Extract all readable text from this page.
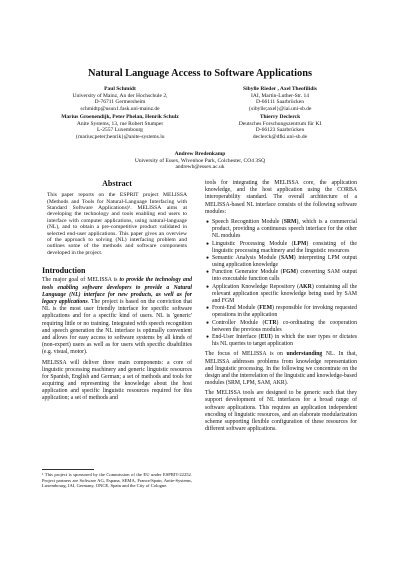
Natural Language Access to Software Applications
Paul Schmidt
University of Mainz, An der Hochschule 2,
D-76711 Germersheim
schmidtp@usun1.fask.uni-mainz.de
Marius Groenendijk, Peter Phelan, Henrik Schulz
Anite Systems, 13, rue Robert Stumper
L-2557 Luxembourg
{marius;peter;henrik}@anite-systems.lu
Sibylle Rieder , Axel Theofilidis
IAI, Martin-Luther-Str. 14
D-66111 Saarbrücken
{sibylle;axel}@iai.uni-sb.de
Thierry Declerck
Deutsches Forschungszentrum für KI
D-66123 Saarbrücken
declerck@dfki.uni-sb.de
Andrew Bredenkamp
University of Essex, Wivenhoe Park, Colchester, CO4 3SQ
andrewb@essex.ac.uk
Abstract
This paper reports on the ESPRIT project MELISSA (Methods and Tools for Natural-Language Interfacing with Standard Software Applications)¹. MELISSA aims at developing the technology and tools enabling end users to interface with computer applications, using natural-language (NL), and to obtain a pre-competitive product validated in selected end-user applications. This paper gives an overview of the approach to solving (NL) interfacing problem and outlines some of the methods and software components developed in the project.
Introduction

The major goal of MELISSA is to provide the technology and tools enabling software developers to provide a Natural Language (NL) interface for new products, as well as for legacy applications. The project is based on the conviction that NL is the most user friendly interface for specific software applications and for a specific kind of users. NL is 'generic' requiring little or no training. Integrated with speech recognition and speech generation the NL interface is optimally convenient and allows for easy access to software systems by all kinds of (non-expert) users as well as for users with specific disabilities (e.g. visual, motor).

MELISSA will deliver three main components: a core of linguistic processing machinery and generic linguistic resources for Spanish, English and German; a set of methods and tools for acquiring and representing the knowledge about the host application and specific linguistic resources required for this application; a set of methods and

tools for integrating the MELISSA core, the application knowledge, and the host application using the CORBA interoperability standard. The overall architecture of a MELISSA-based NL interface consists of the following software modules:

● Speech Recognition Module (SRM), which is a commercial product, providing a continuous speech interface for the other NL modules
● Linguistic Processing Module (LPM) consisting of the linguistic processing machinery and the linguistic resources
● Semantic Analysis Module (SAM) interpreting LPM output using application knowledge
● Function Generator Module (FGM) converting SAM output into executable function calls
● Application Knowledge Repository (AKR) containing all the relevant application specific knowledge being used by SAM and FGM
● Front-End Module (FEM) responsible for invoking requested operations in the application
● Controller Module (CTR) co-ordinating the cooperation between the previous modules
● End-User Interface (EUI) in which the user types or dictates his NL queries to target application

The focus of MELISSA is on understanding NL. In that, MELISSA addresses problems from knowledge representation and linguistic processing. In the following we concentrate on the design and the interrelation of the linguistic and knowledge-based modules (SRM, LPM, SAM, AKR).

The MELISSA tools are designed to be generic such that they support development of NL interfaces for a broad range of software applications. This requires an application independent encoding of linguistic resources, and an elaborate modularization scheme supporting flexible configuration of these resources for different software applications.

¹ This project is sponsored by the Commission of the EU under ESPRIT-22252. Project partners are Software AG, Espana, SEMA, France/Spain, Anite-Systems, Luxembourg, IAI, Germany, ONCE, Spain and the City of Cologne.
